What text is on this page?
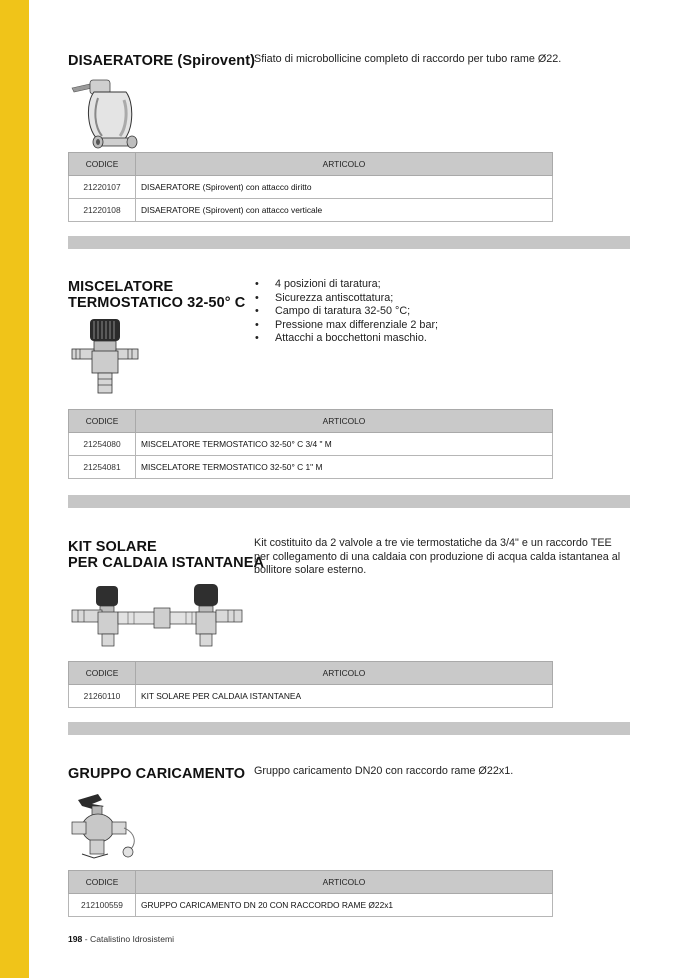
DISAERATORE (Spirovent)
Sfiato di microbollicine completo di raccordo per tubo rame Ø22.
CODICE	ARTICOLO
21220107	DISAERATORE (Spirovent) con attacco diritto
21220108	DISAERATORE (Spirovent) con attacco verticale
MISCELATORE
TERMOSTATICO 32-50° C
• 4 posizioni di taratura;
• Sicurezza antiscottatura;
• Campo di taratura 32-50 °C;
• Pressione max differenziale 2 bar;
• Attacchi a bocchettoni maschio.
CODICE	ARTICOLO
21254080	MISCELATORE TERMOSTATICO 32-50° C 3/4 " M
21254081	MISCELATORE TERMOSTATICO 32-50° C 1" M
KIT SOLARE
PER CALDAIA ISTANTANEA
Kit costituito da 2 valvole a tre vie termostatiche da 3/4" e un raccordo TEE per collegamento di una caldaia con produzione di acqua calda istantanea al bollitore solare esterno.
CODICE	ARTICOLO
21260110	KIT SOLARE PER CALDAIA ISTANTANEA
GRUPPO CARICAMENTO Gruppo caricamento DN20 con raccordo rame Ø22x1.
CODICE	ARTICOLO
212100559	GRUPPO CARICAMENTO DN 20 CON RACCORDO RAME Ø22x1
198 - Catalistino Idrosistemi
